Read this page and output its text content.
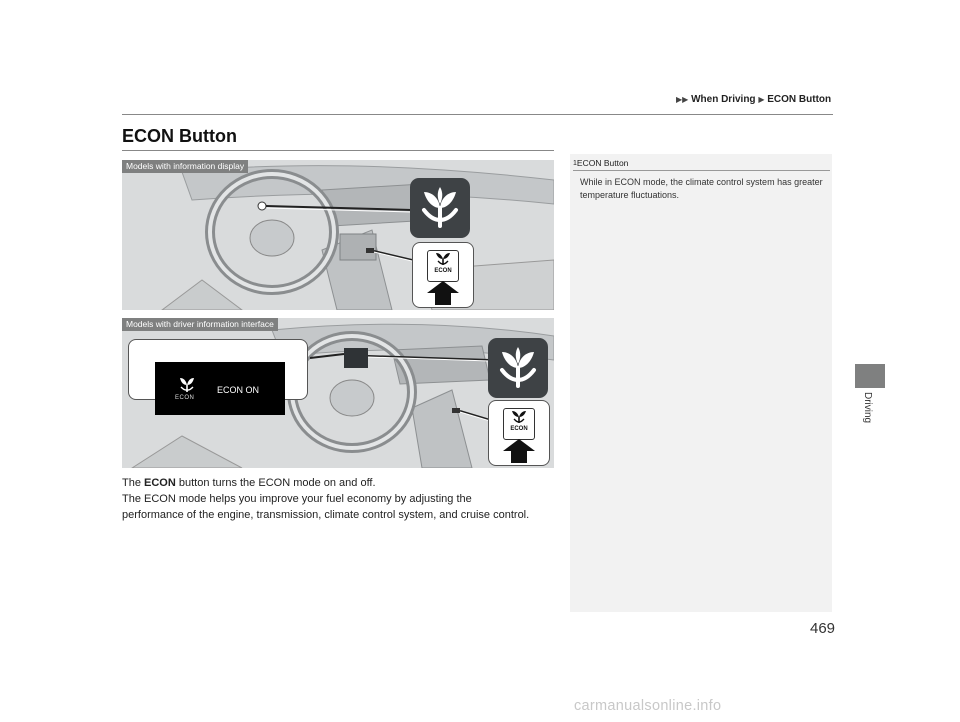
▶▶ When Driving ▶ ECON Button
ECON Button
Driving
Models with information display
ECON
Models with driver information interface
ECON
ECON ON
ECON

The ECON button turns the ECON mode on and off.
The ECON mode helps you improve your fuel economy by adjusting the
performance of the engine, transmission, climate control system, and cruise control.

1ECON Button

While in ECON mode, the climate control system has greater temperature fluctuations.

469
carmanualsonline.info
